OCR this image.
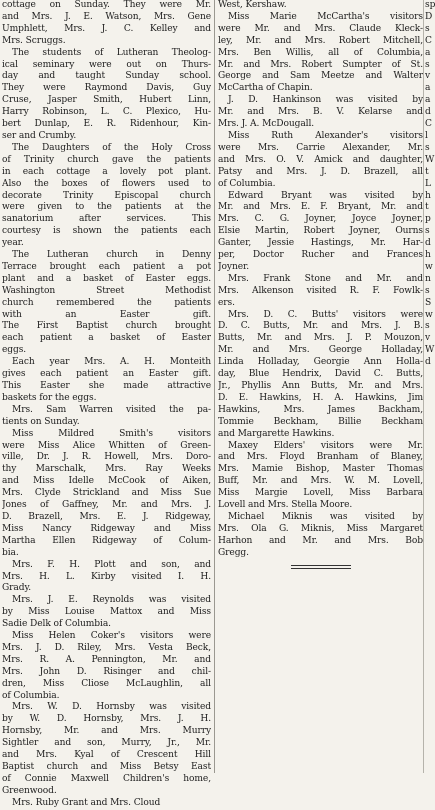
cottage on Sunday. They were Mr.
and Mrs. J. E. Watson, Mrs. Gene
Umphlett, Mrs. J. C. Kelley and
Mrs. Scruggs.
The students of Lutheran Theolog-
ical seminary were out on Thurs-
day and taught Sunday school.
They were Raymond Davis, Guy
Cruse, Jasper Smith, Hubert Linn,
Harry Robinson, L. C. Plexico, Hu-
bert Dunlap, E. R. Ridenhour, Kin-
ser and Crumby.
The Daughters of the Holy Cross
of Trinity church gave the patients
in each cottage a lovely pot plant.
Also the boxes of flowers used to
decorate Trinity Episcopal church
were given to the patients at the
sanatorium after services. This
courtesy is shown the patients each
year.
The Lutheran church in Denny
Terrace brought each patient a pot
plant and a basket of Easter eggs.
Washington Street Methodist
church remembered the patients
with an Easter gift.
The First Baptist church brought
each patient a basket of Easter
eggs.
Each year Mrs. A. H. Monteith
gives each patient an Easter gift.
This Easter she made attractive
baskets for the eggs.
Mrs. Sam Warren visited the pa-
tients on Sunday.
Miss Mildred Smith's visitors
were Miss Alice Whitten of Green-
ville, Dr. J. R. Howell, Mrs. Doro-
thy Marschalk, Mrs. Ray Weeks
and Miss Idelle McCook of Aiken,
Mrs. Clyde Strickland and Miss Sue
Jones of Gaffney, Mr. and Mrs. J.
D. Brazell, Mrs. E. J. Ridgeway,
Miss Nancy Ridgeway and Miss
Martha Ellen Ridgeway of Colum-
bia.
Mrs. F. H. Plott and son, and
Mrs. H. L. Kirby visited I. H.
Grady.
Mrs. J. E. Reynolds was visited
by Miss Louise Mattox and Miss
Sadie Delk of Columbia.
Miss Helen Coker's visitors were
Mrs. J. D. Riley, Mrs. Vesta Beck,
Mrs. R. A. Pennington, Mr. and
Mrs. John D. Risinger and chil-
dren, Miss Cliose McLaughlin, all
of Columbia.
Mrs. W. D. Hornsby was visited
by W. D. Hornsby, Mrs. J. H.
Hornsby, Mr. and Mrs. Murry
Sightler and son, Murry, Jr., Mr.
and Mrs. Kyal of Crescent Hill
Baptist church and Miss Betsy East
of Connie Maxwell Children's home,
Greenwood.
Mrs. Ruby Grant and Mrs. Cloud
West, Kershaw.
Miss Marie McCartha's visitors
were Mr. and Mrs. Claude Kleck-
ley, Mr. and Mrs. Robert Mitchell,
Mrs. Ben Willis, all of Columbia,
Mr. and Mrs. Robert Sumpter of St.
George and Sam Meetze and Walter
McCartha of Chapin.
J. D. Hankinson was visited by
Mr. and Mrs. B. V. Kelarse and
Mrs. J. A. McDougall.
Miss Ruth Alexander's visitors
were Mrs. Carrie Alexander, Mr.
and Mrs. O. V. Amick and daughter,
Patsy and Mrs. J. D. Brazell, all
of Columbia.
Edward Bryant was visited by
Mr. and Mrs. E. F. Bryant, Mr. and
Mrs. C. G. Joyner, Joyce Joyner,
Elsie Martin, Robert Joyner, Ourns
Ganter, Jessie Hastings, Mr. Har-
per, Doctor Rucher and Frances
Joyner.
Mrs. Frank Stone and Mr. and
Mrs. Alkenson visited R. F. Fowlk-
ers.
Mrs. D. C. Butts' visitors were
D. C. Butts, Mr. and Mrs. J. B.
Butts, Mr. and Mrs. J. P. Mouzon,
Mr. and Mrs. George Holladay,
Linda Holladay, Georgie Ann Holla-
day, Blue Hendrix, David C. Butts,
Jr., Phyllis Ann Butts, Mr. and Mrs.
D. E. Hawkins, H. A. Hawkins, Jim
Hawkins, Mrs. James Backham,
Tommie Beckham, Billie Beckham
and Margarette Hawkins.
Maxey Elders' visitors were Mr.
and Mrs. Floyd Branham of Blaney,
Mrs. Mamie Bishop, Master Thomas
Buff, Mr. and Mrs. W. M. Lovell,
Miss Margie Lovell, Miss Barbara
Lovell and Mrs. Stella Moore.
Michael Miknis was visited by
Mrs. Ola G. Miknis, Miss Margaret
Harhon and Mr. and Mrs. Bob
Gregg.
sp
D
s
C
a
s
v
a
a
d
C
l
s
W
t
L
h
t
p
s
d
h
w
n
s
S
w
s
v
W
d
